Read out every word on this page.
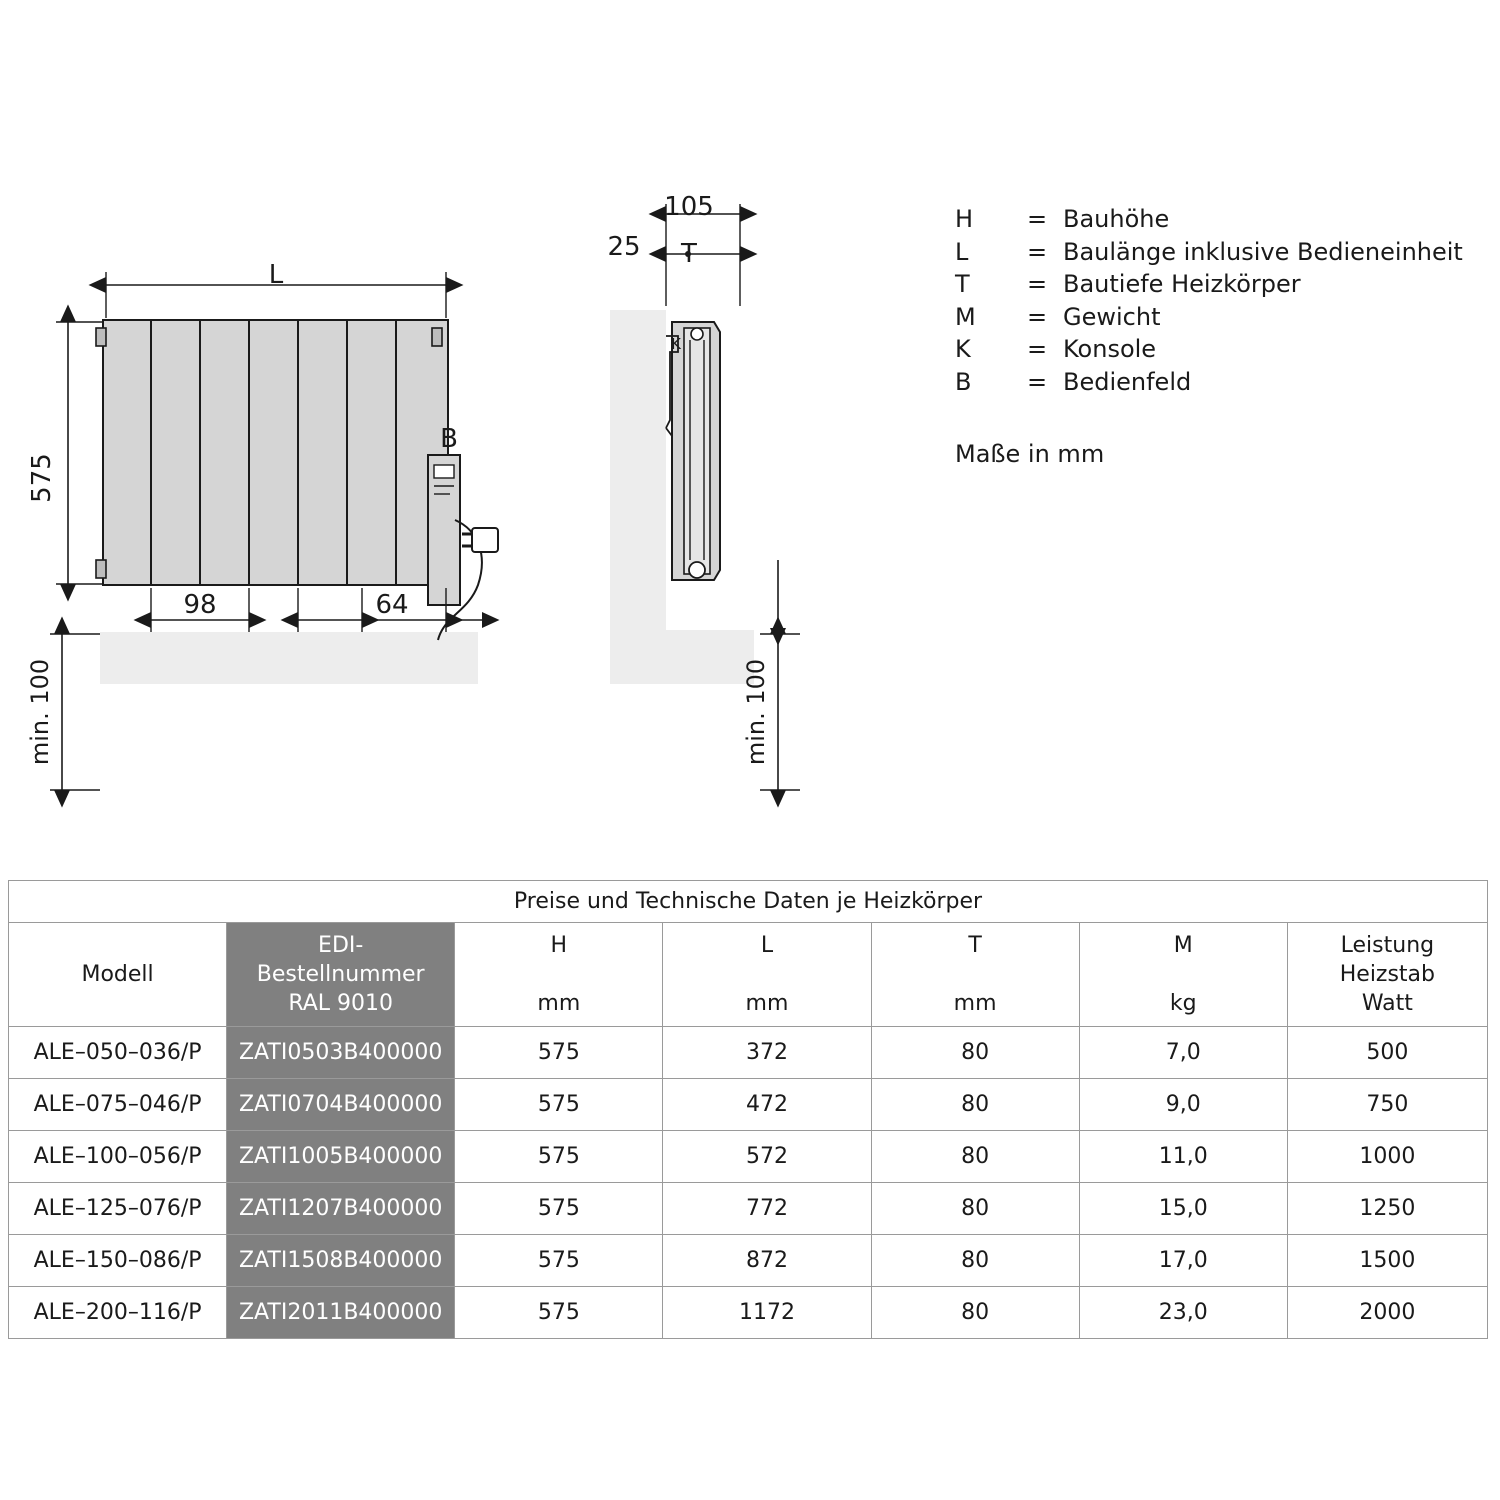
L
575
98	64
B
min. 100
105
25 T
K
min. 100
H	= Bauhöhe
L	= Baulänge inklusive Bedieneinheit
T	= Bautiefe Heizkörper
M	= Gewicht
K	= Konsole
B	= Bedienfeld
Maße in mm
Preise und Technische Daten je Heizkörper						

Modell

EDI-
Bestellnummer
RAL 9010

H
mm

L
mm

T
mm

M
kg

Leistung
Heizstab
Watt

ALE–050–036/P	ZATI0503B400000	575	372	80	7,0	500
ALE–075–046/P	ZATI0704B400000	575	472	80	9,0	750
ALE–100–056/P	ZATI1005B400000	575	572	80	11,0	1000
ALE–125–076/P	ZATI1207B400000	575	772	80	15,0	1250
ALE–150–086/P	ZATI1508B400000	575	872	80	17,0	1500
ALE–200–116/P	ZATI2011B400000	575	1172	80	23,0	2000
